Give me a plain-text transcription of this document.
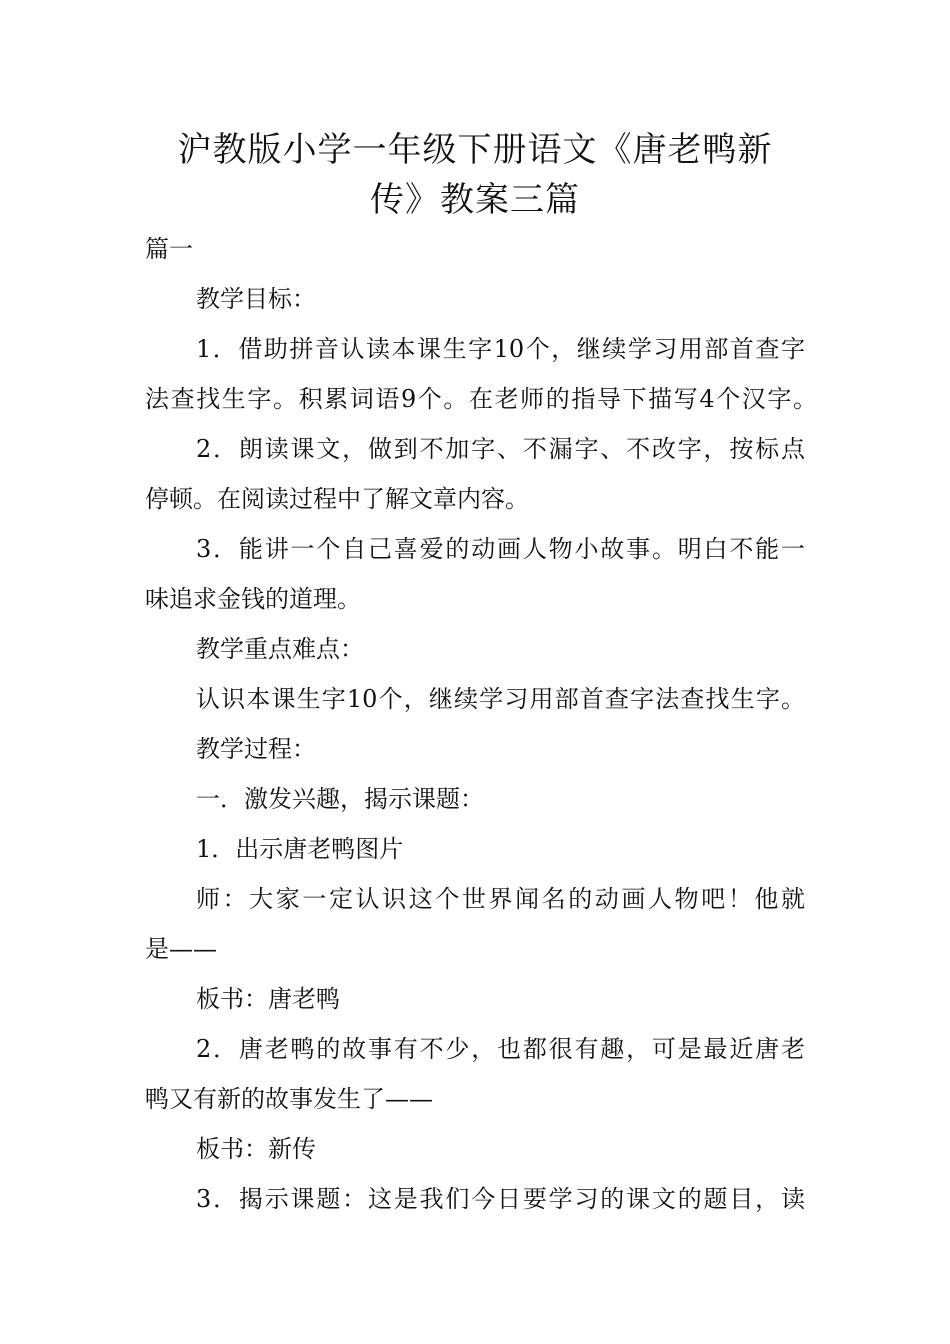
沪教版小学一年级下册语文《唐老鸭新
传》教案三篇
篇一
教学目标：
1．借助拼音认读本课生字10个，继续学习用部首查字
法查找生字。积累词语9个。在老师的指导下描写4个汉字。
2．朗读课文，做到不加字、不漏字、不改字，按标点
停顿。在阅读过程中了解文章内容。
3．能讲一个自己喜爱的动画人物小故事。明白不能一
味追求金钱的道理。
教学重点难点：
认识本课生字10个，继续学习用部首查字法查找生字。
教学过程：
一．激发兴趣，揭示课题：
1．出示唐老鸭图片
师：大家一定认识这个世界闻名的动画人物吧！他就
是——
板书：唐老鸭
2．唐老鸭的故事有不少，也都很有趣，可是最近唐老
鸭又有新的故事发生了——
板书：新传
3．揭示课题：这是我们今日要学习的课文的题目，读
